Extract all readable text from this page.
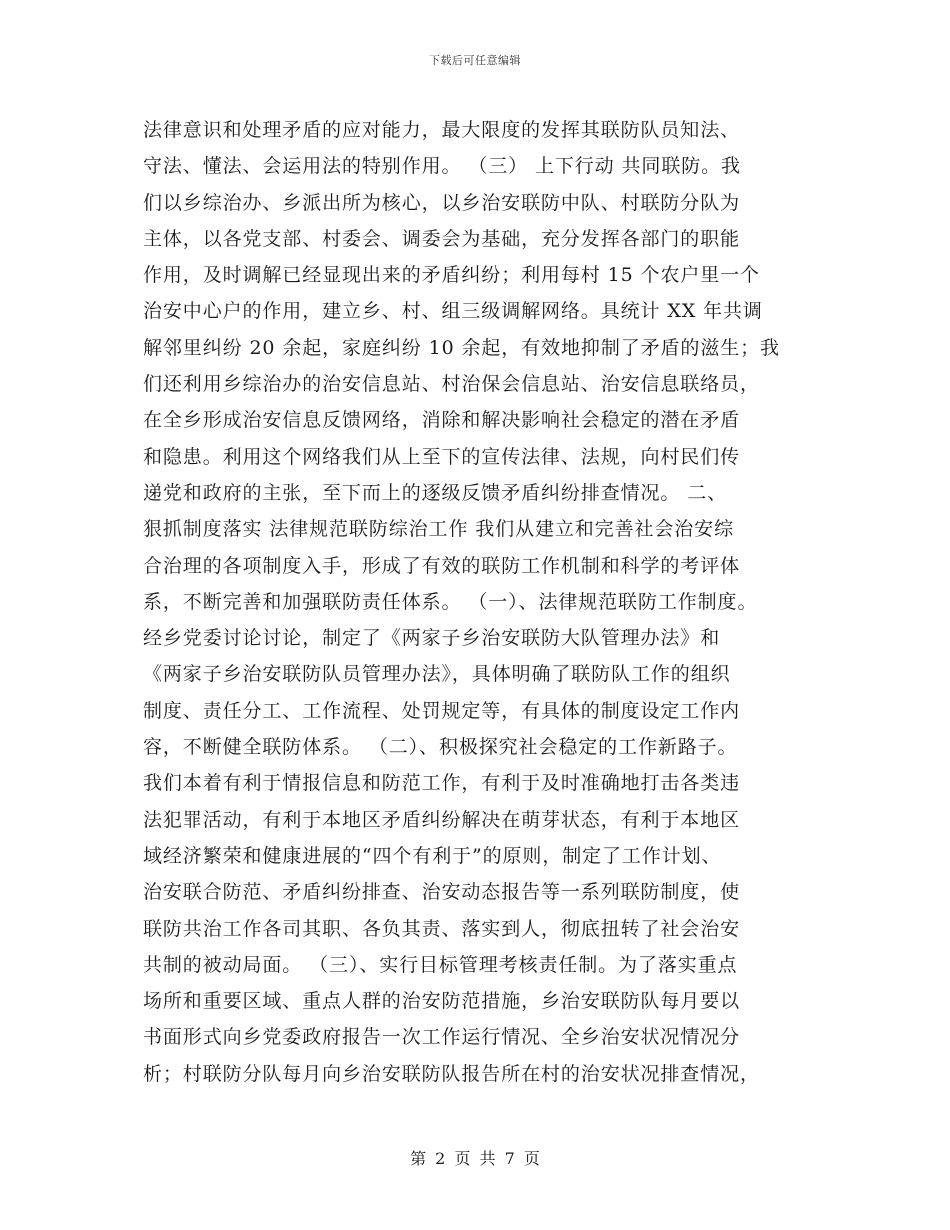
下载后可任意编辑
法律意识和处理矛盾的应对能力，最大限度的发挥其联防队员知法、
守法、懂法、会运用法的特别作用。 （三） 上下行动 共同联防。我
们以乡综治办、乡派出所为核心，以乡治安联防中队、村联防分队为
主体，以各党支部、村委会、调委会为基础，充分发挥各部门的职能
作用，及时调解已经显现出来的矛盾纠纷；利用每村 15 个农户里一个
治安中心户的作用，建立乡、村、组三级调解网络。具统计 XX 年共调
解邻里纠纷 20 余起，家庭纠纷 10 余起，有效地抑制了矛盾的滋生；我
们还利用乡综治办的治安信息站、村治保会信息站、治安信息联络员，
在全乡形成治安信息反馈网络，消除和解决影响社会稳定的潜在矛盾
和隐患。利用这个网络我们从上至下的宣传法律、法规，向村民们传
递党和政府的主张，至下而上的逐级反馈矛盾纠纷排查情况。 二、
狠抓制度落实 法律规范联防综治工作 我们从建立和完善社会治安综
合治理的各项制度入手，形成了有效的联防工作机制和科学的考评体
系，不断完善和加强联防责任体系。 （一）、法律规范联防工作制度。
经乡党委讨论讨论，制定了《两家子乡治安联防大队管理办法》和
《两家子乡治安联防队员管理办法》，具体明确了联防队工作的组织
制度、责任分工、工作流程、处罚规定等，有具体的制度设定工作内
容，不断健全联防体系。 （二）、积极探究社会稳定的工作新路子。
我们本着有利于情报信息和防范工作，有利于及时准确地打击各类违
法犯罪活动，有利于本地区矛盾纠纷解决在萌芽状态，有利于本地区
域经济繁荣和健康进展的“四个有利于”的原则，制定了工作计划、
治安联合防范、矛盾纠纷排查、治安动态报告等一系列联防制度，使
联防共治工作各司其职、各负其责、落实到人，彻底扭转了社会治安
共制的被动局面。 （三）、实行目标管理考核责任制。为了落实重点
场所和重要区域、重点人群的治安防范措施，乡治安联防队每月要以
书面形式向乡党委政府报告一次工作运行情况、全乡治安状况情况分
析；村联防分队每月向乡治安联防队报告所在村的治安状况排查情况，
第 2 页 共 7 页
